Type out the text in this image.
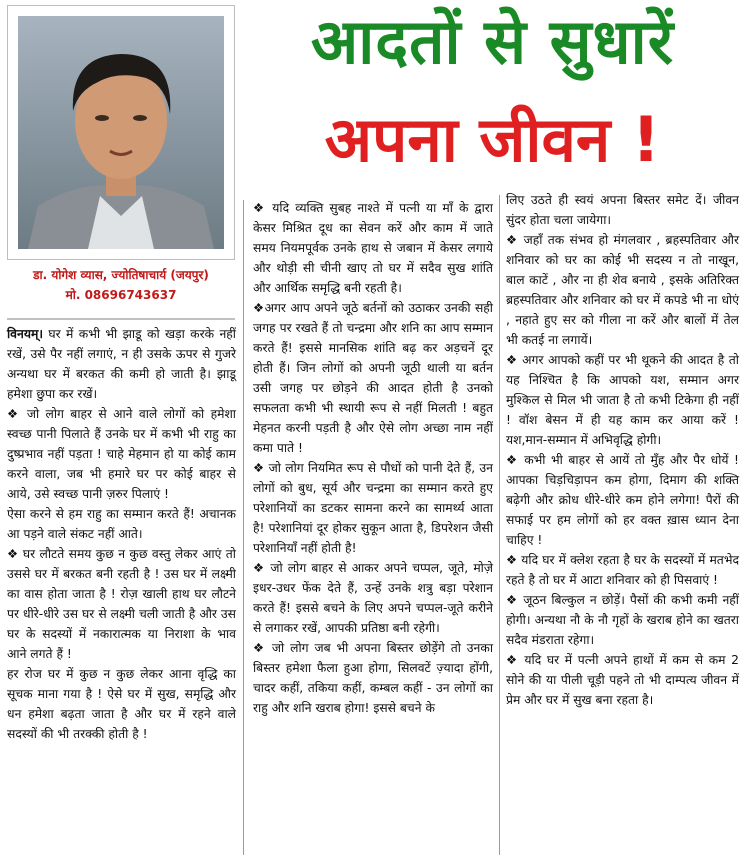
डा. योगेश व्यास, ज्योतिषाचार्य (जयपुर)
मो. 08696743637
आदतों से सुधारें
अपना जीवन !

विनयम्। घर में कभी भी झाडू को खड़ा करके नहीं रखें, उसे पैर नहीं लगाएं, न ही उसके ऊपर से गुजरे अन्यथा घर में बरकत की कमी हो जाती है। झाडू हमेशा छुपा कर रखें।

❖ जो लोग बाहर से आने वाले लोगों को हमेशा स्वच्छ पानी पिलाते हैं उनके घर में कभी भी राहु का दुष्प्रभाव नहीं पड़ता ! चाहे मेहमान हो या कोई काम करने वाला, जब भी हमारे घर पर कोई बाहर से आये, उसे स्वच्छ पानी ज़रुर पिलाएं !

ऐसा करने से हम राहु का सम्मान करते हैं! अचानक आ पड़ने वाले संकट नहीं आते।

❖ घर लौटते समय कुछ न कुछ वस्तु लेकर आएं तो उससे घर में बरकत बनी रहती है ! उस घर में लक्ष्मी का वास होता जाता है ! रोज़ खाली हाथ घर लौटने पर धीरे-धीरे उस घर से लक्ष्मी चली जाती है और उस घर के सदस्यों में नकारात्मक या निराशा के भाव आने लगते हैं !

हर रोज घर में कुछ न कुछ लेकर आना वृद्धि का सूचक माना गया है ! ऐसे घर में सुख, समृद्धि और धन हमेशा बढ़ता जाता है और घर में रहने वाले सदस्यों की भी तरक्की होती है !

❖ यदि व्यक्ति सुबह नाश्ते में पत्नी या माँ के द्वारा केसर मिश्रित दूध का सेवन करें और काम में जाते समय नियमपूर्वक उनके हाथ से जबान में केसर लगाये और थोड़ी सी चीनी खाए तो घर में सदैव सुख शांति और आर्थिक समृद्धि बनी रहती है।

❖अगर आप अपने जूठे बर्तनों को उठाकर उनकी सही जगह पर रखते हैं तो चन्द्रमा और शनि का आप सम्मान करते हैं! इससे मानसिक शांति बढ़ कर अड़चनें दूर होती हैं। जिन लोगों को अपनी जूठी थाली या बर्तन उसी जगह पर छोड़ने की आदत होती है उनको सफलता कभी भी स्थायी रूप से नहीं मिलती ! बहुत मेहनत करनी पड़ती है और ऐसे लोग अच्छा नाम नहीं कमा पाते !

❖ जो लोग नियमित रूप से पौधों को पानी देते हैं, उन लोगों को बुध, सूर्य और चन्द्रमा का सम्मान करते हुए परेशानियों का डटकर सामना करने का सामर्थ्य आता है! परेशानियां दूर होकर सुकून आता है, डिपरेशन जैसी परेशानियाँ नहीं होती है!

❖ जो लोग बाहर से आकर अपने चप्पल, जूते, मोज़े इधर-उधर फेंक देते हैं, उन्हें उनके शत्रु बड़ा परेशान करते हैं! इससे बचने के लिए अपने चप्पल-जूते करीने से लगाकर रखें, आपकी प्रतिष्ठा बनी रहेगी।

❖ जो लोग जब भी अपना बिस्तर छोड़ेंगे तो उनका बिस्तर हमेशा फैला हुआ होगा, सिलवटें ज़्यादा होंगी, चादर कहीं, तकिया कहीं, कम्बल कहीं - उन लोगों का राहु और शनि खराब होगा! इससे बचने के

लिए उठते ही स्वयं अपना बिस्तर समेट दें। जीवन सुंदर होता चला जायेगा।

❖ जहाँ तक संभव हो मंगलवार , ब्रहस्पतिवार और शनिवार को घर का कोई भी सदस्य न तो नाखून, बाल काटें , और ना ही शेव बनाये , इसके अतिरिक्त ब्रहस्पतिवार और शनिवार को घर में कपडे भी ना धोएं , नहाते हुए सर को गीला ना करें और बालों में तेल भी कतई ना लगायें।

❖ अगर आपको कहीं पर भी थूकने की आदत है तो यह निश्चित है कि आपको यश, सम्मान अगर मुश्किल से मिल भी जाता है तो कभी टिकेगा ही नहीं ! वॉश बेसन में ही यह काम कर आया करें ! यश,मान-सम्मान में अभिवृद्धि होगी।

❖ कभी भी बाहर से आयें तो मुँह और पैर धोयें ! आपका चिड़चिड़ापन कम होगा, दिमाग की शक्ति बढ़ेगी और क्रोध धीरे-धीरे कम होने लगेगा! पैरों की सफाई पर हम लोगों को हर वक्त ख़ास ध्यान देना चाहिए !

❖ यदि घर में क्लेश रहता है घर के सदस्यों में मतभेद रहते है तो घर में आटा शनिवार को ही पिसवाएं !

❖ जूठन बिल्कुल न छोड़ें। पैसों की कभी कमी नहीं होगी। अन्यथा नौ के नौ गृहों के खराब होने का खतरा सदैव मंडराता रहेगा।

❖ यदि घर में पत्नी अपने हाथों में कम से कम 2 सोने की या पीली चूड़ी पहने तो भी दाम्पत्य जीवन में प्रेम और घर में सुख बना रहता है।
